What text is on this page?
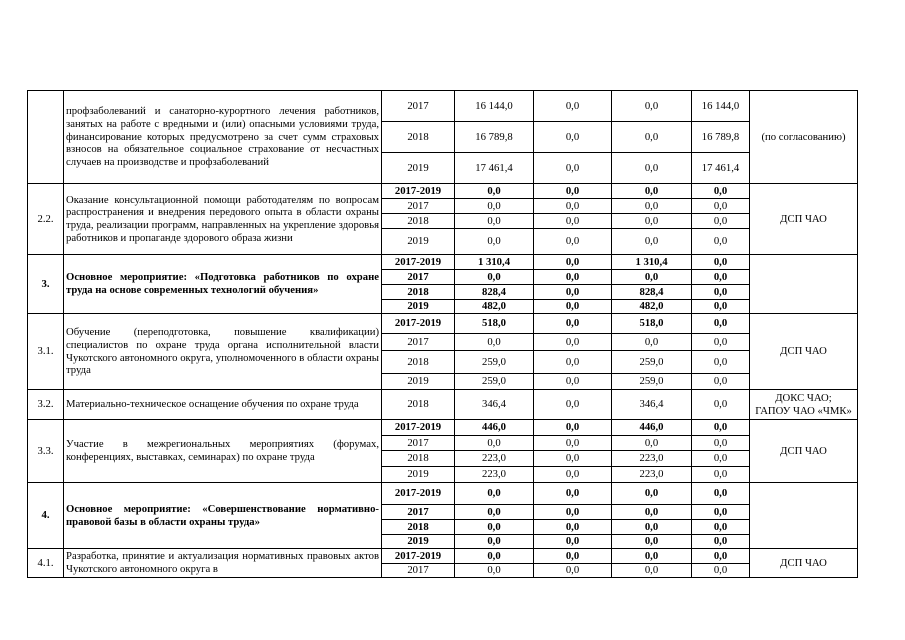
	профзаболеваний и санаторно-курортного лечения работников, занятых на работе с вредными и (или) опасными условиями труда, финансирование которых предусмотрено за счет сумм страховых взносов на обязательное социальное страхование от несчастных случаев на производстве и профзаболеваний	2017	16 144,0	0,0	0,0	16 144,0	(по согласованию)
		2018	16 789,8	0,0	0,0	16 789,8	
		2019	17 461,4	0,0	0,0	17 461,4	
2.2.	Оказание консультационной помощи работодателям по вопросам распространения и внедрения передового опыта в области охраны труда, реализации программ, направленных на укрепление здоровья работников и пропаганде здорового образа жизни	2017-2019	0,0	0,0	0,0	0,0	ДСП ЧАО
		2017	0,0	0,0	0,0	0,0	
		2018	0,0	0,0	0,0	0,0	
		2019	0,0	0,0	0,0	0,0	
3.	Основное мероприятие: «Подготовка работников по охране труда на основе современных технологий обучения»	2017-2019	1 310,4	0,0	1 310,4	0,0	
		2017	0,0	0,0	0,0	0,0	
		2018	828,4	0,0	828,4	0,0	
		2019	482,0	0,0	482,0	0,0	
3.1.	Обучение (переподготовка, повышение квалификации) специалистов по охране труда органа исполнительной власти Чукотского автономного округа, уполномоченного в области охраны труда	2017-2019	518,0	0,0	518,0	0,0	ДСП ЧАО
		2017	0,0	0,0	0,0	0,0	
		2018	259,0	0,0	259,0	0,0	
		2019	259,0	0,0	259,0	0,0	
3.2.	Материально-техническое оснащение обучения по охране труда	2018	346,4	0,0	346,4	0,0	ДОКС ЧАО;
ГАПОУ ЧАО «ЧМК»
3.3.	Участие в межрегиональных мероприятиях (форумах, конференциях, выставках, семинарах) по охране труда	2017-2019	446,0	0,0	446,0	0,0	ДСП ЧАО
		2017	0,0	0,0	0,0	0,0	
		2018	223,0	0,0	223,0	0,0	
		2019	223,0	0,0	223,0	0,0	
4.	Основное мероприятие: «Совершенствование нормативно-правовой базы в области охраны труда»	2017-2019	0,0	0,0	0,0	0,0	
		2017	0,0	0,0	0,0	0,0	
		2018	0,0	0,0	0,0	0,0	
		2019	0,0	0,0	0,0	0,0	
4.1.	Разработка, принятие и актуализация нормативных правовых актов Чукотского автономного округа в	2017-2019	0,0	0,0	0,0	0,0	ДСП ЧАО
		2017	0,0	0,0	0,0	0,0	
